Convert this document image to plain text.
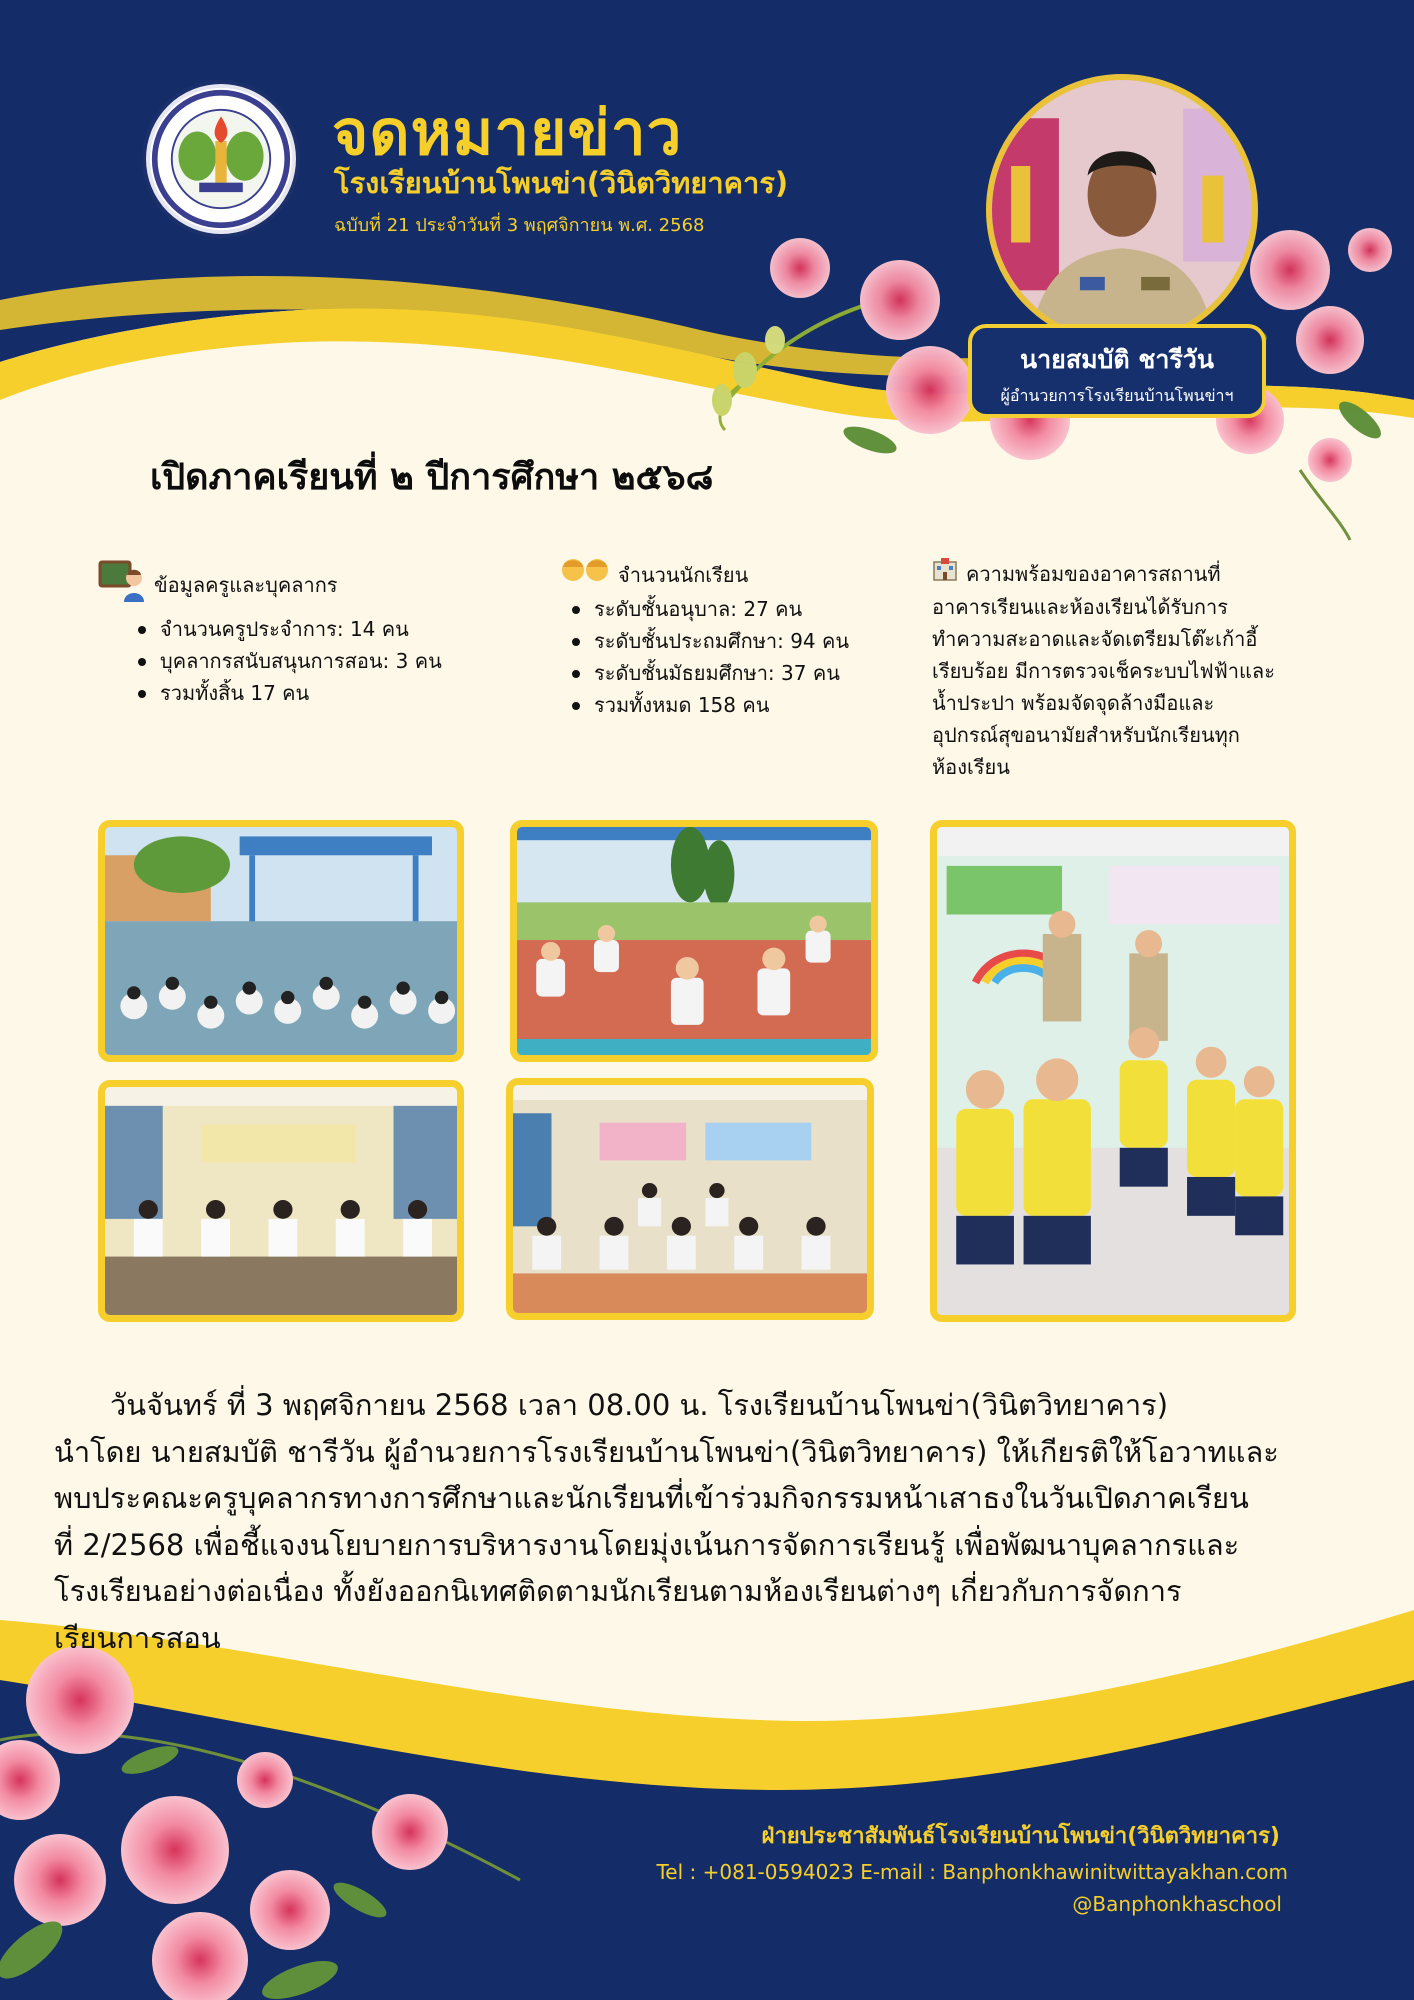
จดหมายข่าว
โรงเรียนบ้านโพนข่า(วินิตวิทยาคาร)
ฉบับที่ 21 ประจำวันที่ 3 พฤศจิกายน พ.ศ. 2568
นายสมบัติ ชารีวัน
ผู้อำนวยการโรงเรียนบ้านโพนข่าฯ
เปิดภาคเรียนที่ ๒ ปีการศึกษา ๒๕๖๘
ข้อมูลครูและบุคลากร
จำนวนครูประจำการ: 14 คน
บุคลากรสนับสนุนการสอน: 3 คน
รวมทั้งสิ้น 17 คน
จำนวนนักเรียน
ระดับชั้นอนุบาล: 27 คน
ระดับชั้นประถมศึกษา: 94 คน
ระดับชั้นมัธยมศึกษา: 37 คน
รวมทั้งหมด 158 คน
ความพร้อมของอาคารสถานที่
อาคารเรียนและห้องเรียนได้รับการ
ทำความสะอาดและจัดเตรียมโต๊ะเก้าอี้
เรียบร้อย มีการตรวจเช็คระบบไฟฟ้าและ
น้ำประปา พร้อมจัดจุดล้างมือและ
อุปกรณ์สุขอนามัยสำหรับนักเรียนทุก
ห้องเรียน
วันจันทร์ ที่ 3 พฤศจิกายน 2568 เวลา 08.00 น. โรงเรียนบ้านโพนข่า(วินิตวิทยาคาร)
นำโดย นายสมบัติ ชารีวัน ผู้อำนวยการโรงเรียนบ้านโพนข่า(วินิตวิทยาคาร) ให้เกียรติให้โอวาทและ
พบประคณะครูบุคลากรทางการศึกษาและนักเรียนที่เข้าร่วมกิจกรรมหน้าเสาธงในวันเปิดภาคเรียน
ที่ 2/2568 เพื่อชี้แจงนโยบายการบริหารงานโดยมุ่งเน้นการจัดการเรียนรู้ เพื่อพัฒนาบุคลากรและ
โรงเรียนอย่างต่อเนื่อง ทั้งยังออกนิเทศติดตามนักเรียนตามห้องเรียนต่างๆ เกี่ยวกับการจัดการ
เรียนการสอน
ฝ่ายประชาสัมพันธ์โรงเรียนบ้านโพนข่า(วินิตวิทยาคาร)
Tel : +081-0594023 E-mail : Banphonkhawinitwittayakhan.com
@Banphonkhaschool
